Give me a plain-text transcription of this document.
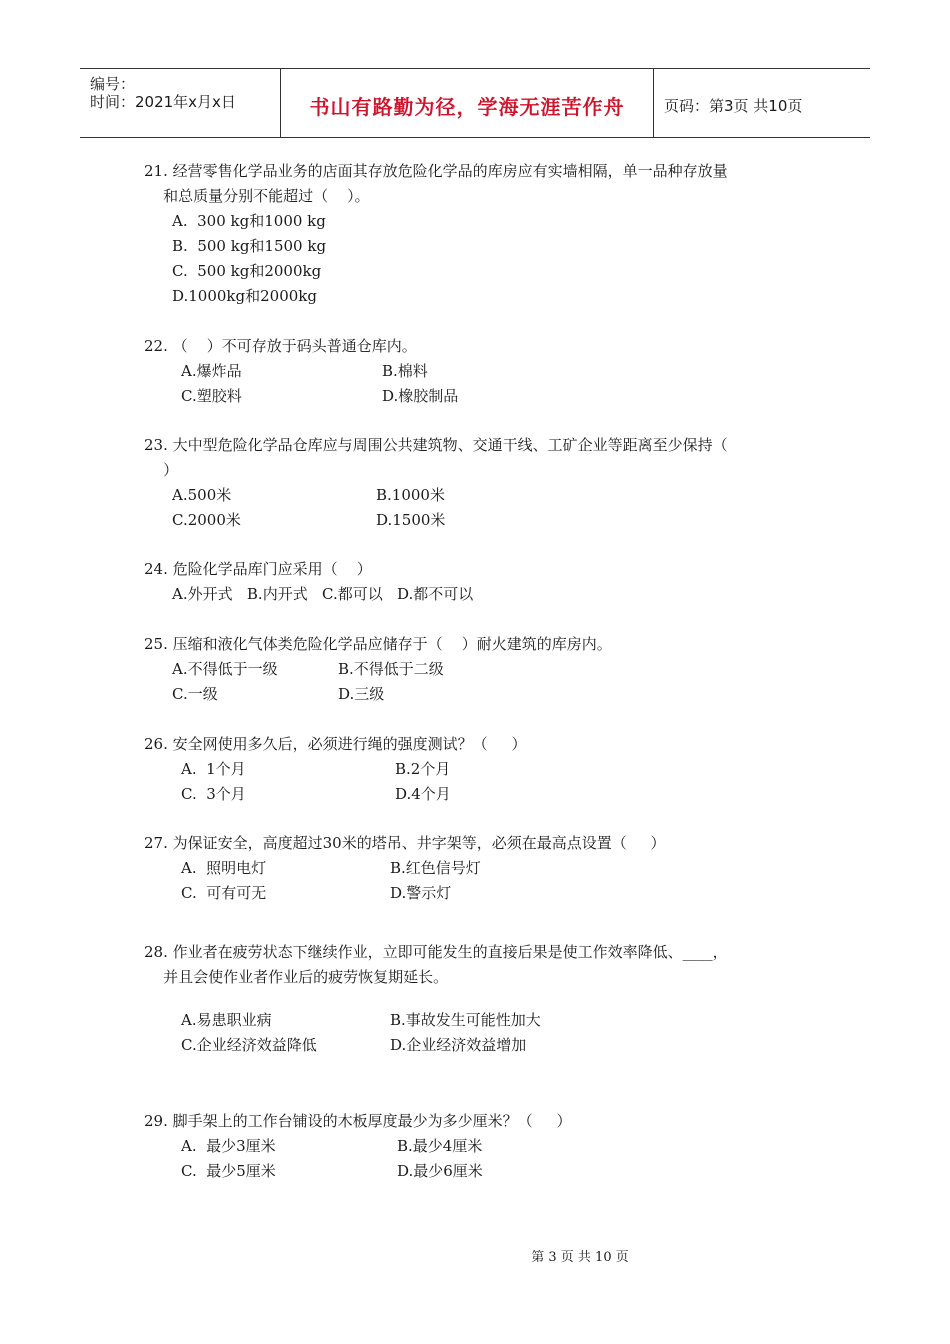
编号：
时间：2021年x月x日	书山有路勤为径，学海无涯苦作舟	页码：第3页 共10页
21. 经营零售化学品业务的店面其存放危险化学品的库房应有实墙相隔，单一品种存放量
和总质量分别不能超过（    ）。
A.  300 kg和1000 kg
B.  500 kg和1500 kg
C.  500 kg和2000kg
D.1000kg和2000kg
22. （    ）不可存放于码头普通仓库内。
A.爆炸品	B.棉料
C.塑胶料	D.橡胶制品
23. 大中型危险化学品仓库应与周围公共建筑物、交通干线、工矿企业等距离至少保持（
）
A.500米	B.1000米
C.2000米	D.1500米
24. 危险化学品库门应采用（    ）
A.外开式   B.内开式   C.都可以   D.都不可以
25. 压缩和液化气体类危险化学品应储存于（    ）耐火建筑的库房内。
A.不得低于一级	B.不得低于二级
C.一级	D.三级
26. 安全网使用多久后，必须进行绳的强度测试？（     ）
A.  1个月	B.2个月
C.  3个月	D.4个月
27. 为保证安全，高度超过30米的塔吊、井字架等，必须在最高点设置（     ）
A.  照明电灯	B.红色信号灯
C.  可有可无	D.警示灯
28. 作业者在疲劳状态下继续作业，立即可能发生的直接后果是使工作效率降低、____，
并且会使作业者作业后的疲劳恢复期延长。
A.易患职业病	B.事故发生可能性加大
C.企业经济效益降低	D.企业经济效益增加
29. 脚手架上的工作台铺设的木板厚度最少为多少厘米？（     ）
A.  最少3厘米	B.最少4厘米
C.  最少5厘米	D.最少6厘米
第 3 页 共 10 页
